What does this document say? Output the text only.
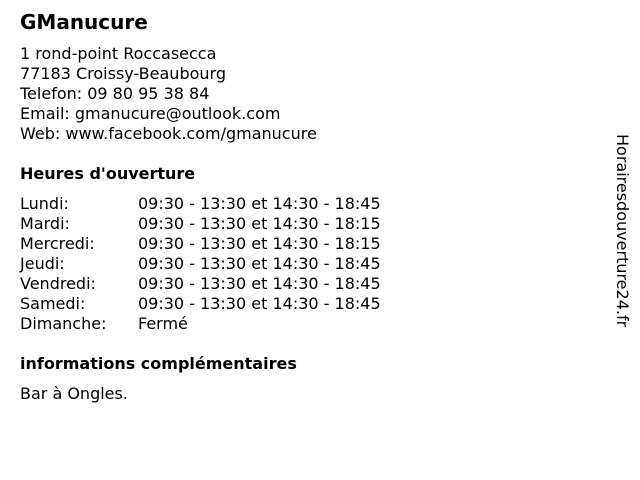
GManucure
1 rond-point Roccasecca
77183 Croissy-Beaubourg
Telefon: 09 80 95 38 84
Email: gmanucure@outlook.com
Web: www.facebook.com/gmanucure
Heures d'ouverture
Lundi:	09:30 - 13:30 et 14:30 - 18:45
Mardi:	09:30 - 13:30 et 14:30 - 18:15
Mercredi:	09:30 - 13:30 et 14:30 - 18:15
Jeudi:	09:30 - 13:30 et 14:30 - 18:45
Vendredi:	09:30 - 13:30 et 14:30 - 18:45
Samedi:	09:30 - 13:30 et 14:30 - 18:45
Dimanche: Fermé
informations complémentaires
Bar à Ongles.
Horairesdouverture24.fr
